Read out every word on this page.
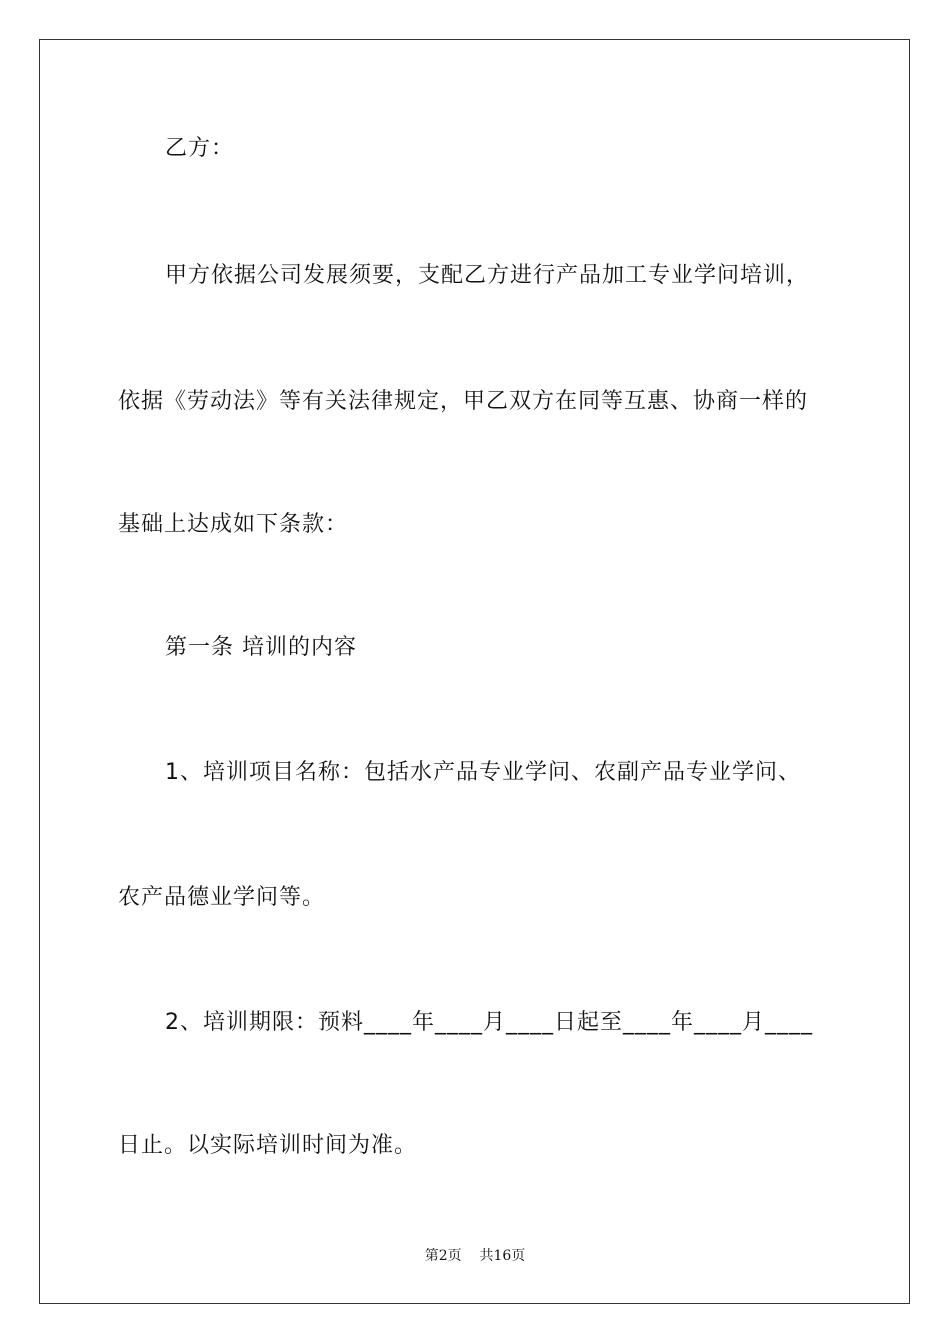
乙方：
甲方依据公司发展须要，支配乙方进行产品加工专业学问培训，
依据《劳动法》等有关法律规定，甲乙双方在同等互惠、协商一样的
基础上达成如下条款：
第一条 培训的内容
1、培训项目名称：包括水产品专业学问、农副产品专业学问、
农产品德业学问等。
2、培训期限：预料____年____月____日起至____年____月____
日止。以实际培训时间为准。
第2页 共16页
